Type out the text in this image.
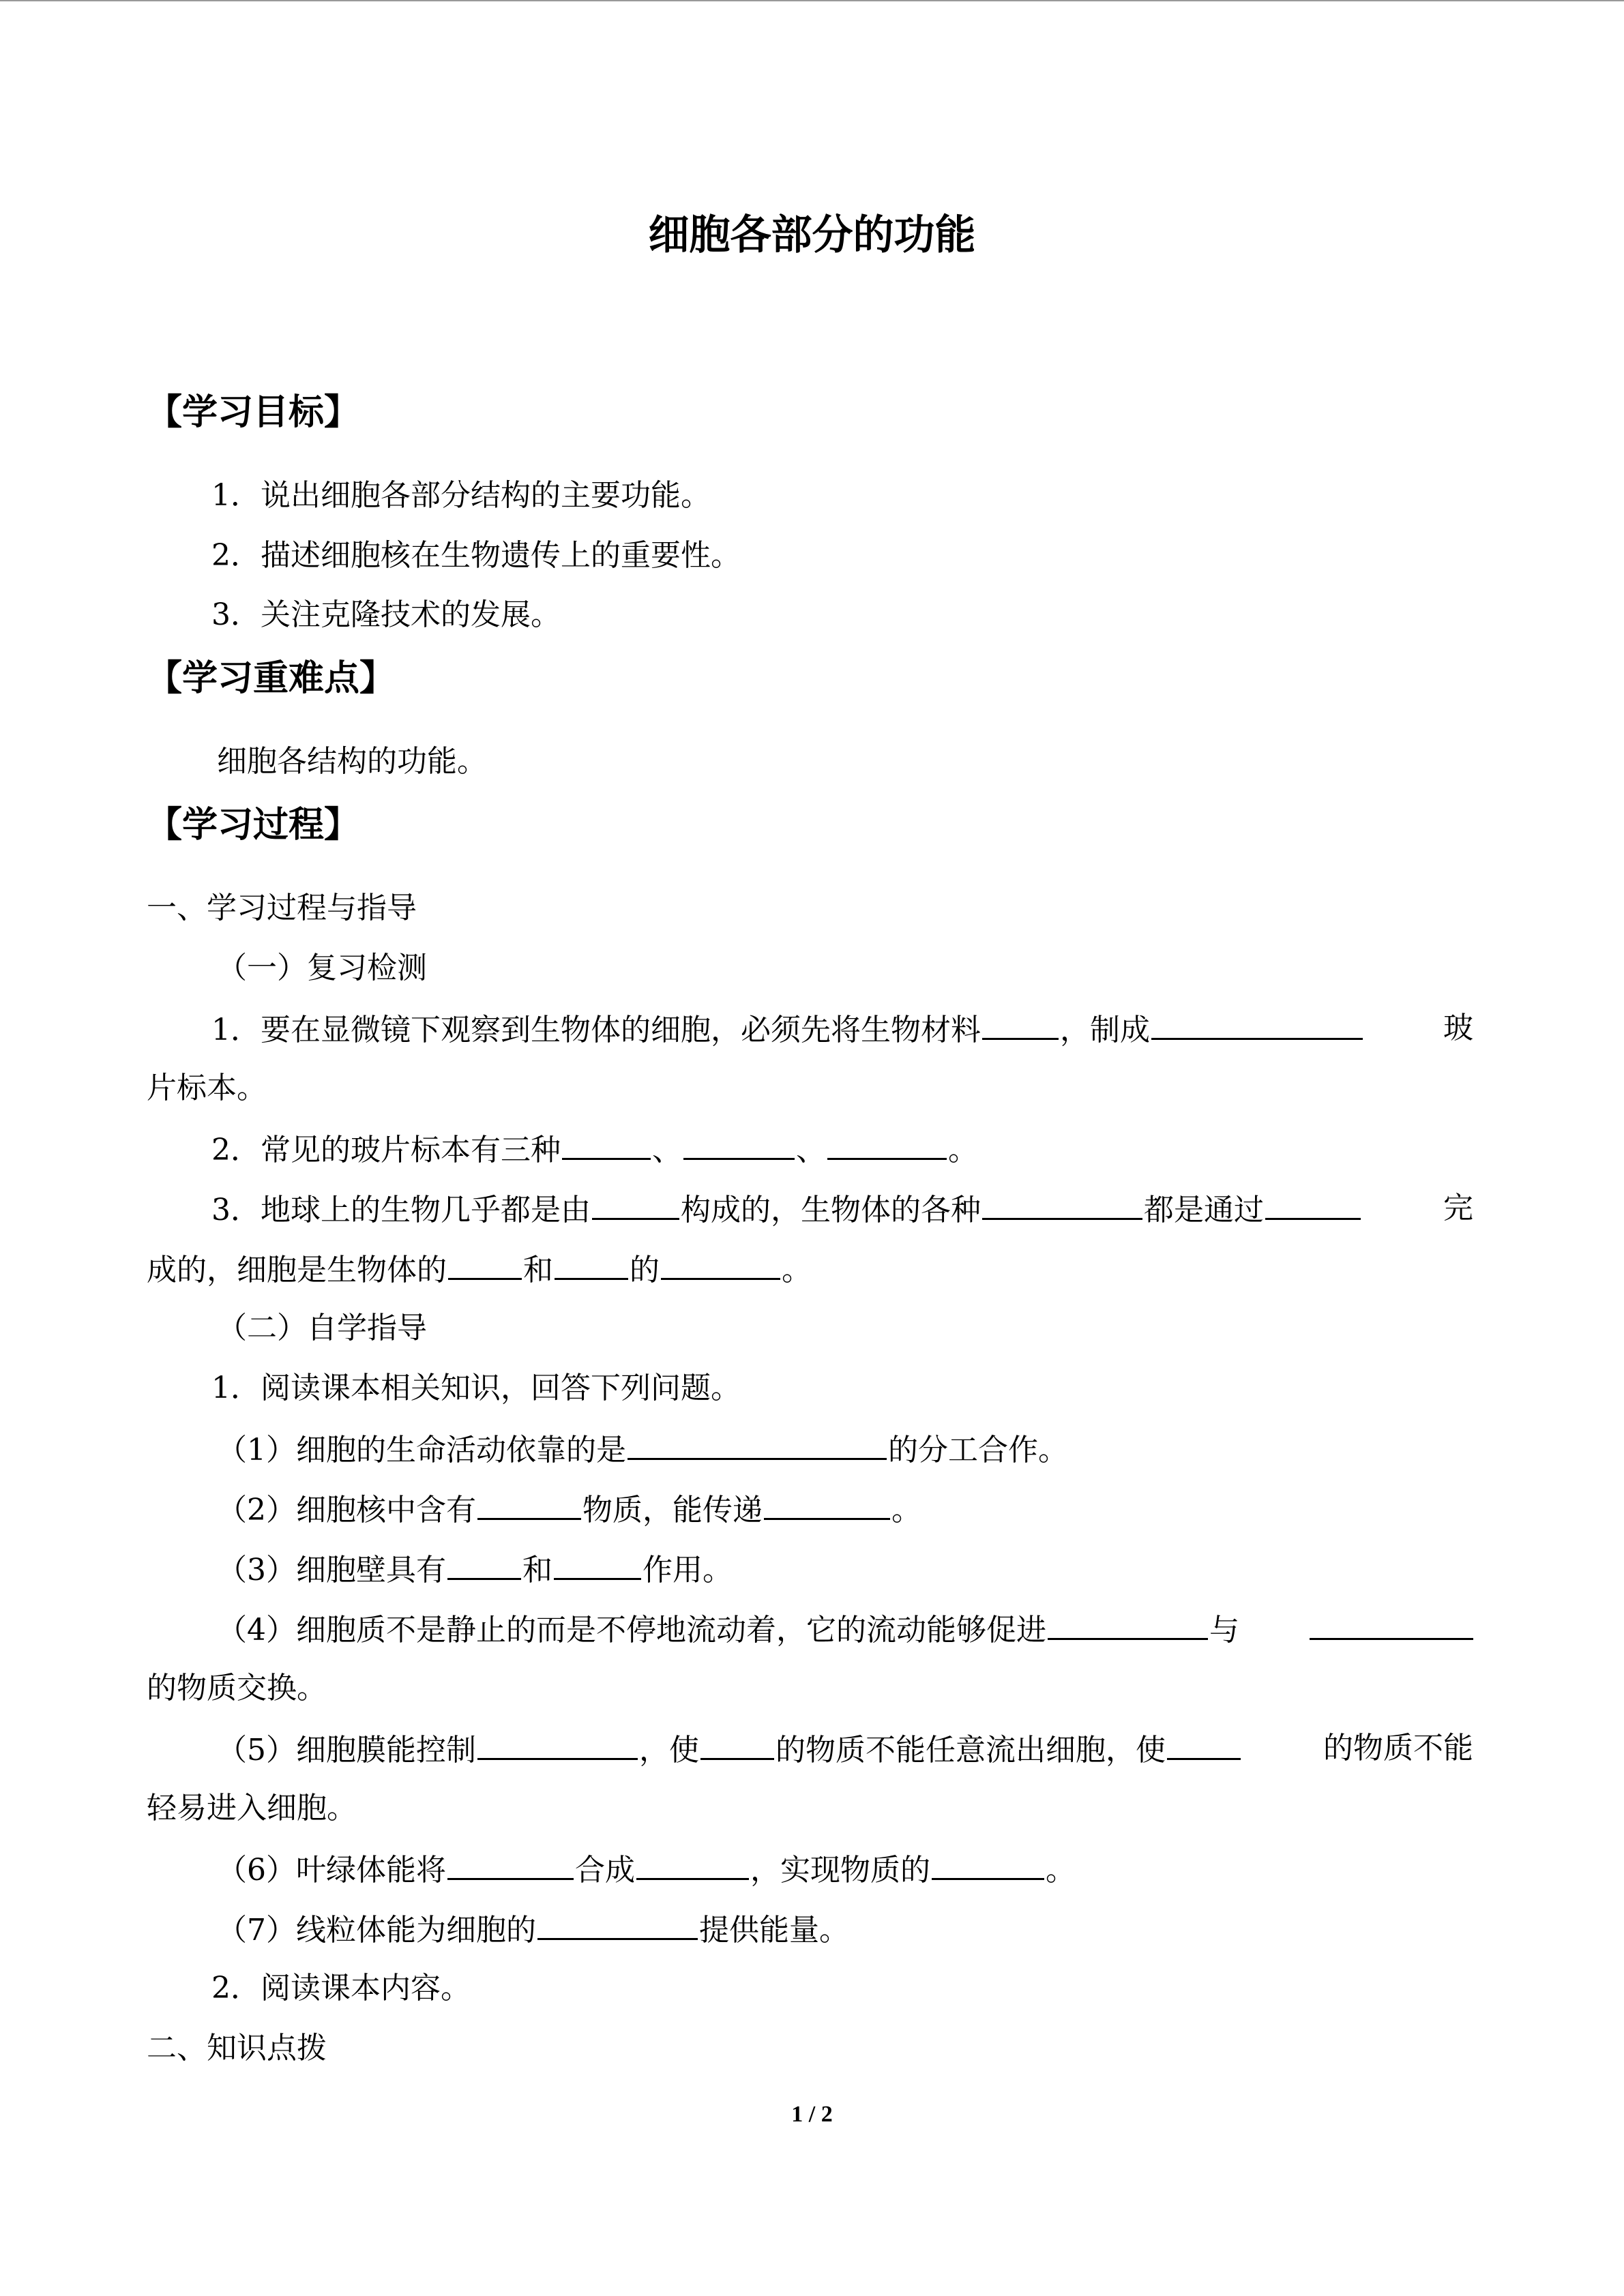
细胞各部分的功能
【学习目标】
1．说出细胞各部分结构的主要功能。
2．描述细胞核在生物遗传上的重要性。
3．关注克隆技术的发展。
【学习重难点】
细胞各结构的功能。
【学习过程】
一、学习过程与指导
（一）复习检测
1．要在显微镜下观察到生物体的细胞，必须先将生物材料	，制成	玻
片标本。
2．常见的玻片标本有三种	、	、	。
3．地球上的生物几乎都是由	构成的，生物体的各种	都是通过	完
成的，细胞是生物体的	和	的	。
（二）自学指导
1．阅读课本相关知识，回答下列问题。
（1）细胞的生命活动依靠的是	的分工合作。
（2）细胞核中含有	物质，能传递	。
（3）细胞壁具有	和	作用。
（4）细胞质不是静止的而是不停地流动着，它的流动能够促进	与
的物质交换。
（5）细胞膜能控制	，使	的物质不能任意流出细胞，使	的物质不能
轻易进入细胞。
（6）叶绿体能将	合成	，实现物质的	。
（7）线粒体能为细胞的	提供能量。
2．阅读课本内容。
二、知识点拨
1 / 2
